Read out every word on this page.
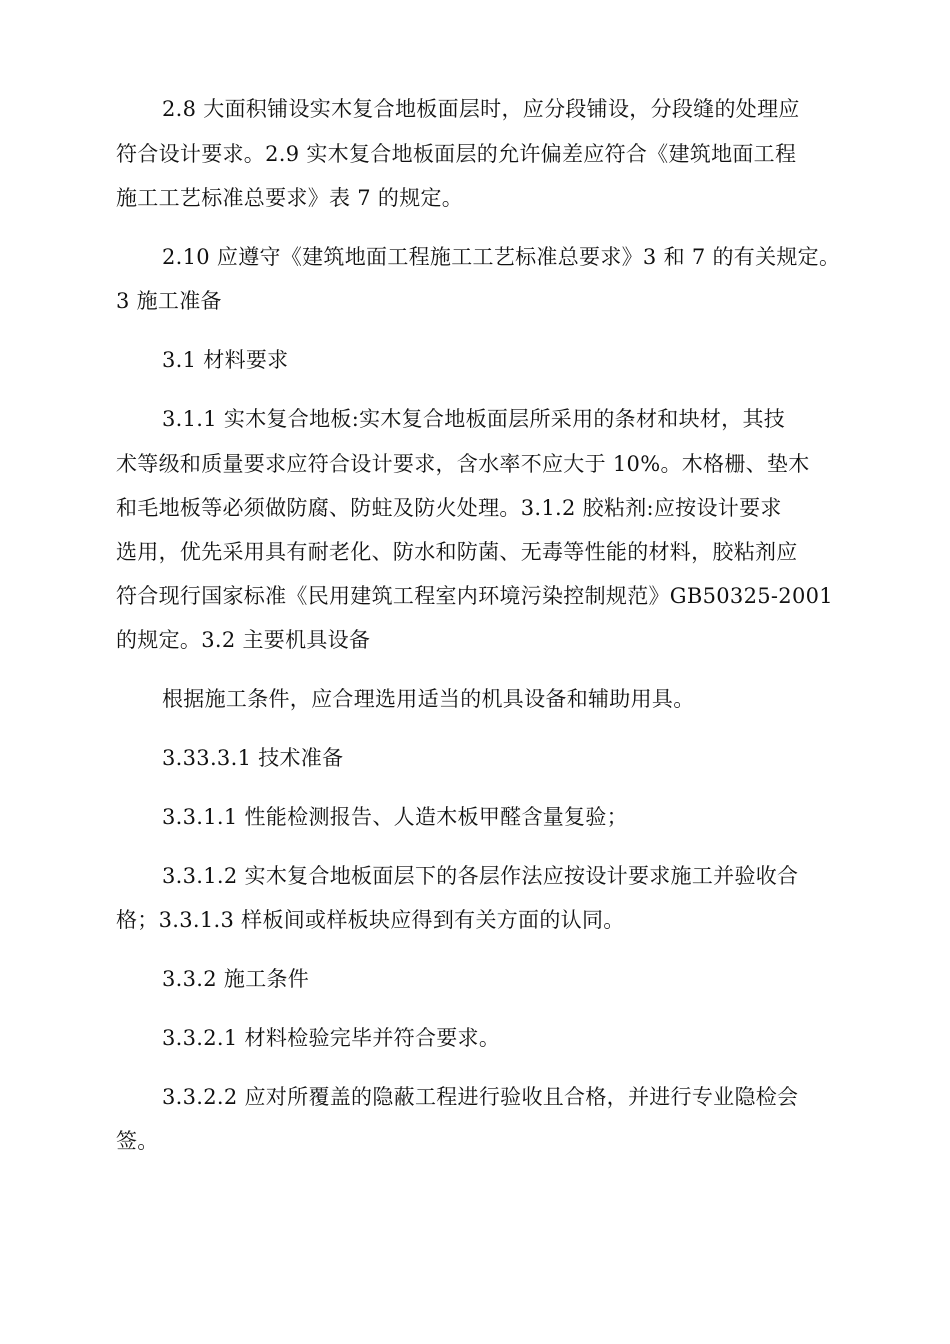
2.8 大面积铺设实木复合地板面层时，应分段铺设，分段缝的处理应
符合设计要求。2.9 实木复合地板面层的允许偏差应符合《建筑地面工程
施工工艺标准总要求》表 7 的规定。
2.10 应遵守《建筑地面工程施工工艺标准总要求》3 和 7 的有关规定。
3 施工准备
3.1 材料要求
3.1.1 实木复合地板:实木复合地板面层所采用的条材和块材，其技
术等级和质量要求应符合设计要求，含水率不应大于 10%。木格栅、垫木
和毛地板等必须做防腐、防蛀及防火处理。3.1.2 胶粘剂:应按设计要求
选用，优先采用具有耐老化、防水和防菌、无毒等性能的材料，胶粘剂应
符合现行国家标准《民用建筑工程室内环境污染控制规范》GB50325-2001
的规定。3.2 主要机具设备
根据施工条件，应合理选用适当的机具设备和辅助用具。
3.33.3.1 技术准备
3.3.1.1 性能检测报告、人造木板甲醛含量复验；
3.3.1.2 实木复合地板面层下的各层作法应按设计要求施工并验收合
格；3.3.1.3 样板间或样板块应得到有关方面的认同。
3.3.2 施工条件
3.3.2.1 材料检验完毕并符合要求。
3.3.2.2 应对所覆盖的隐蔽工程进行验收且合格，并进行专业隐检会
签。
